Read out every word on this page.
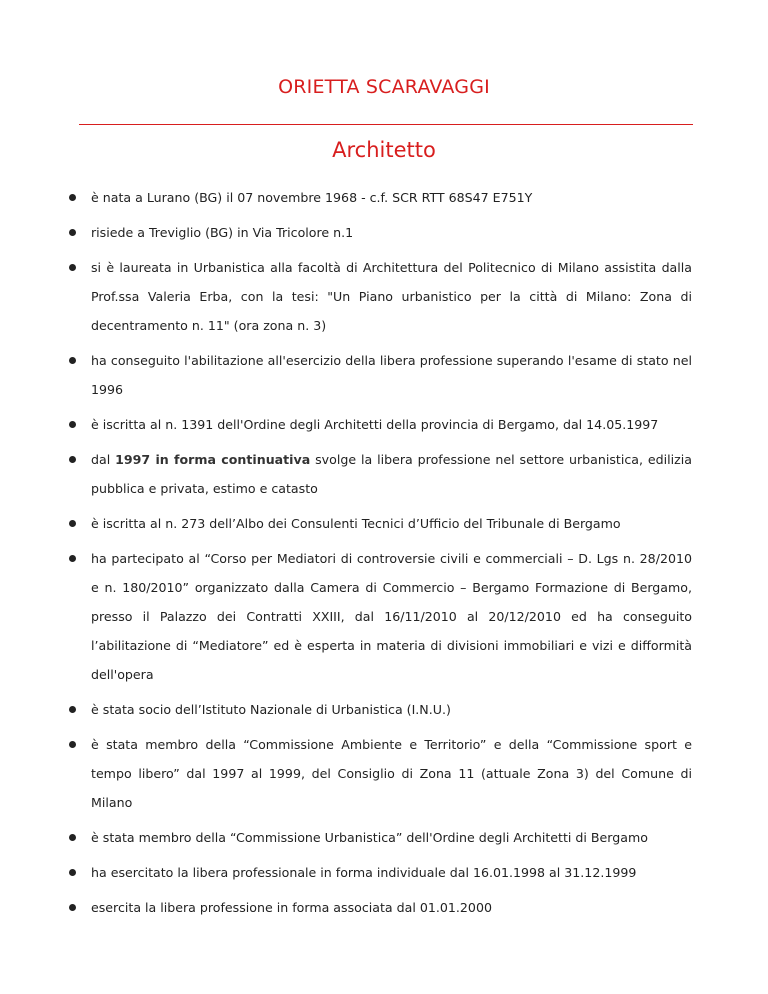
ORIETTA SCARAVAGGI
Architetto
è nata a Lurano (BG) il 07 novembre 1968 - c.f. SCR RTT 68S47 E751Y
risiede a Treviglio (BG) in Via Tricolore n.1
si è laureata in Urbanistica alla facoltà di Architettura del Politecnico di Milano assistita dalla Prof.ssa Valeria Erba, con la tesi: "Un Piano urbanistico per la città di Milano: Zona di decentramento n. 11" (ora zona n. 3)
ha conseguito l'abilitazione all'esercizio della libera professione superando l'esame di stato nel 1996
è iscritta al n. 1391 dell'Ordine degli Architetti della provincia di Bergamo, dal 14.05.1997
dal 1997 in forma continuativa svolge la libera professione nel settore urbanistica, edilizia pubblica e privata, estimo e catasto
è iscritta al n. 273 dell’Albo dei Consulenti Tecnici d’Ufficio del Tribunale di Bergamo
ha partecipato al “Corso per Mediatori di controversie civili e commerciali – D. Lgs n. 28/2010 e n. 180/2010” organizzato dalla Camera di Commercio – Bergamo Formazione di Bergamo, presso il Palazzo dei Contratti XXIII, dal 16/11/2010 al 20/12/2010 ed ha conseguito l’abilitazione di “Mediatore” ed è esperta in materia di divisioni immobiliari e vizi e difformità dell'opera
è stata socio dell’Istituto Nazionale di Urbanistica (I.N.U.)
è stata membro della “Commissione Ambiente e Territorio” e della “Commissione sport e tempo libero” dal 1997 al 1999, del Consiglio di Zona 11 (attuale Zona 3) del Comune di Milano
è stata membro della “Commissione Urbanistica” dell'Ordine degli Architetti di Bergamo
ha esercitato la libera professionale in forma individuale dal 16.01.1998 al 31.12.1999
esercita la libera professione in forma associata dal 01.01.2000
